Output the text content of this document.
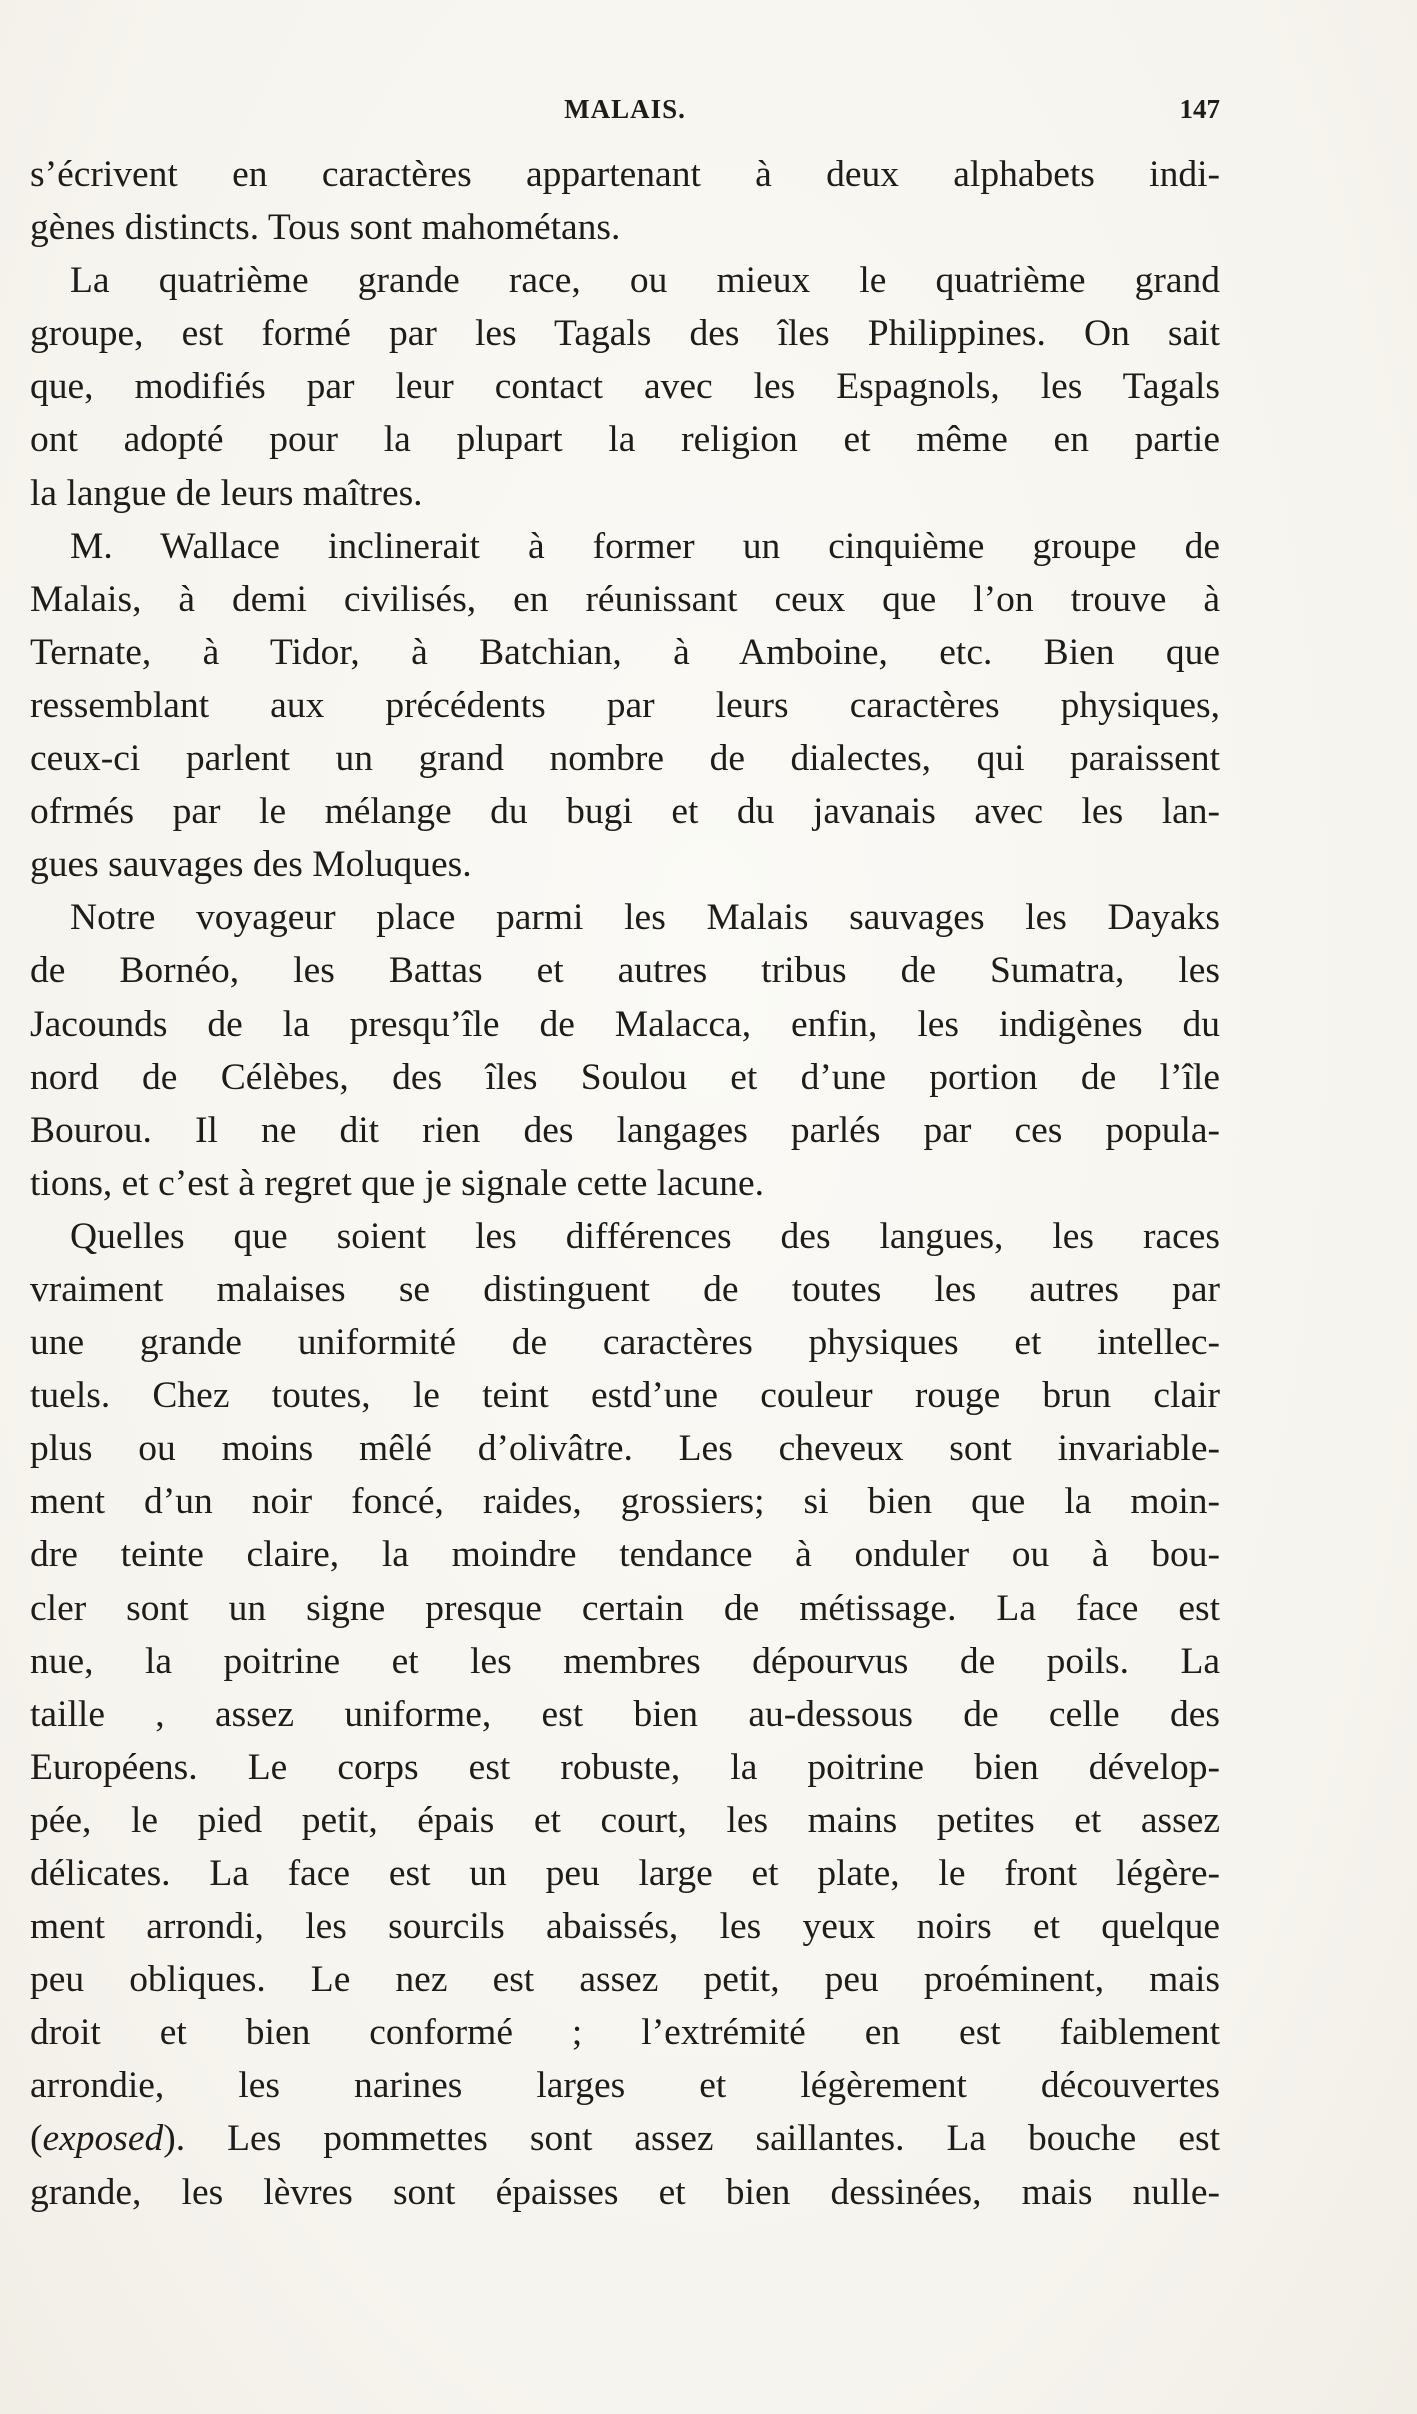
MALAIS.	147
s’écrivent en caractères appartenant à deux alphabets indi-
gènes distincts. Tous sont mahométans.
La quatrième grande race, ou mieux le quatrième grand
groupe, est formé par les Tagals des îles Philippines. On sait
que, modifiés par leur contact avec les Espagnols, les Tagals
ont adopté pour la plupart la religion et même en partie
la langue de leurs maîtres.
M. Wallace inclinerait à former un cinquième groupe de
Malais, à demi civilisés, en réunissant ceux que l’on trouve à
Ternate, à Tidor, à Batchian, à Amboine, etc. Bien que
ressemblant aux précédents par leurs caractères physiques,
ceux-ci parlent un grand nombre de dialectes, qui paraissent
ofrmés par le mélange du bugi et du javanais avec les lan-
gues sauvages des Moluques.
Notre voyageur place parmi les Malais sauvages les Dayaks
de Bornéo, les Battas et autres tribus de Sumatra, les
Jacounds de la presqu’île de Malacca, enfin, les indigènes du
nord de Célèbes, des îles Soulou et d’une portion de l’île
Bourou. Il ne dit rien des langages parlés par ces popula-
tions, et c’est à regret que je signale cette lacune.
Quelles que soient les différences des langues, les races
vraiment malaises se distinguent de toutes les autres par
une grande uniformité de caractères physiques et intellec-
tuels. Chez toutes, le teint estd’une couleur rouge brun clair
plus ou moins mêlé d’olivâtre. Les cheveux sont invariable-
ment d’un noir foncé, raides, grossiers; si bien que la moin-
dre teinte claire, la moindre tendance à onduler ou à bou-
cler sont un signe presque certain de métissage. La face est
nue, la poitrine et les membres dépourvus de poils. La
taille , assez uniforme, est bien au-dessous de celle des
Européens. Le corps est robuste, la poitrine bien dévelop-
pée, le pied petit, épais et court, les mains petites et assez
délicates. La face est un peu large et plate, le front légère-
ment arrondi, les sourcils abaissés, les yeux noirs et quelque
peu obliques. Le nez est assez petit, peu proéminent, mais
droit et bien conformé ; l’extrémité en est faiblement
arrondie, les narines larges et légèrement découvertes
(exposed). Les pommettes sont assez saillantes. La bouche est
grande, les lèvres sont épaisses et bien dessinées, mais nulle-
